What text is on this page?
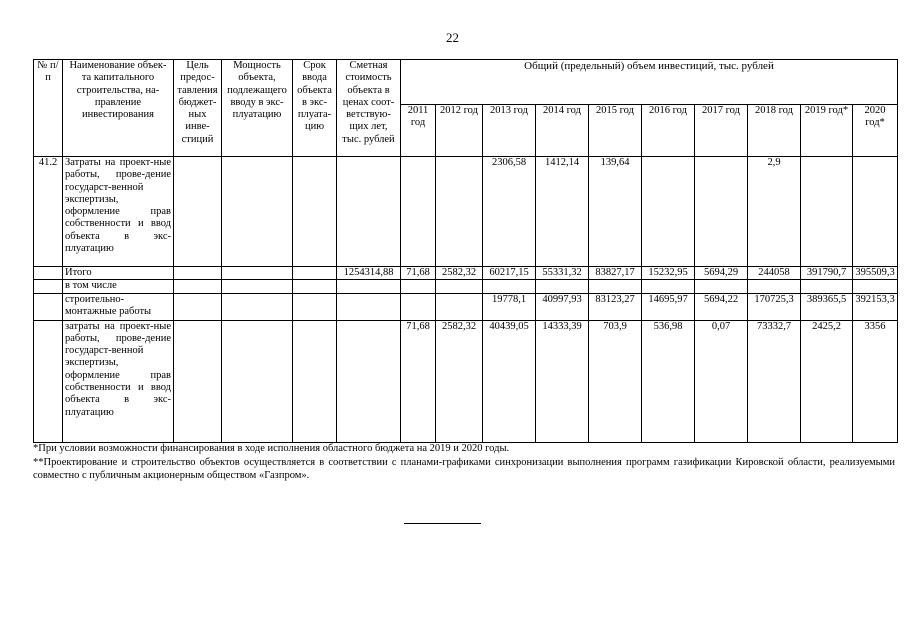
22
№ п/п	Наименование объек-та капитального строительства, на-правление инвестирования	Цель предос-тавления бюджет-ных инве-стиций	Мощность объекта, подлежащего вводу в экс-плуатацию	Срок ввода объекта в экс-плуата-цию	Сметная стоимость объекта в ценах соот-ветствую-щих лет, тыс. рублей	Общий (предельный) объем инвестиций, тыс. рублей									
						2011 год	2012 год	2013 год	2014 год	2015 год	2016 год	2017 год	2018 год	2019 год*	2020 год*
41.2	Затраты на проект-ные работы, прове-дение государст-венной экспертизы, оформление прав собственности и ввод объекта в экс-плуатацию							2306,58	1412,14	139,64			2,9		
	Итого				1254314,88	71,68	2582,32	60217,15	55331,32	83827,17	15232,95	5694,29	244058	391790,7	395509,3
	в том числе														
	строительно-монтажные работы							19778,1	40997,93	83123,27	14695,97	5694,22	170725,3	389365,5	392153,3
	затраты на проект-ные работы, прове-дение государст-венной экспертизы, оформление прав собственности и ввод объекта в экс-плуатацию					71,68	2582,32	40439,05	14333,39	703,9	536,98	0,07	73332,7	2425,2	3356

*При условии возможности финансирования в ходе исполнения областного бюджета на 2019 и 2020 годы.

**Проектирование и строительство объектов осуществляется в соответствии с планами-графиками синхронизации выполнения программ газификации Кировской области, реализуемыми совместно с публичным акционерным обществом «Газпром».
